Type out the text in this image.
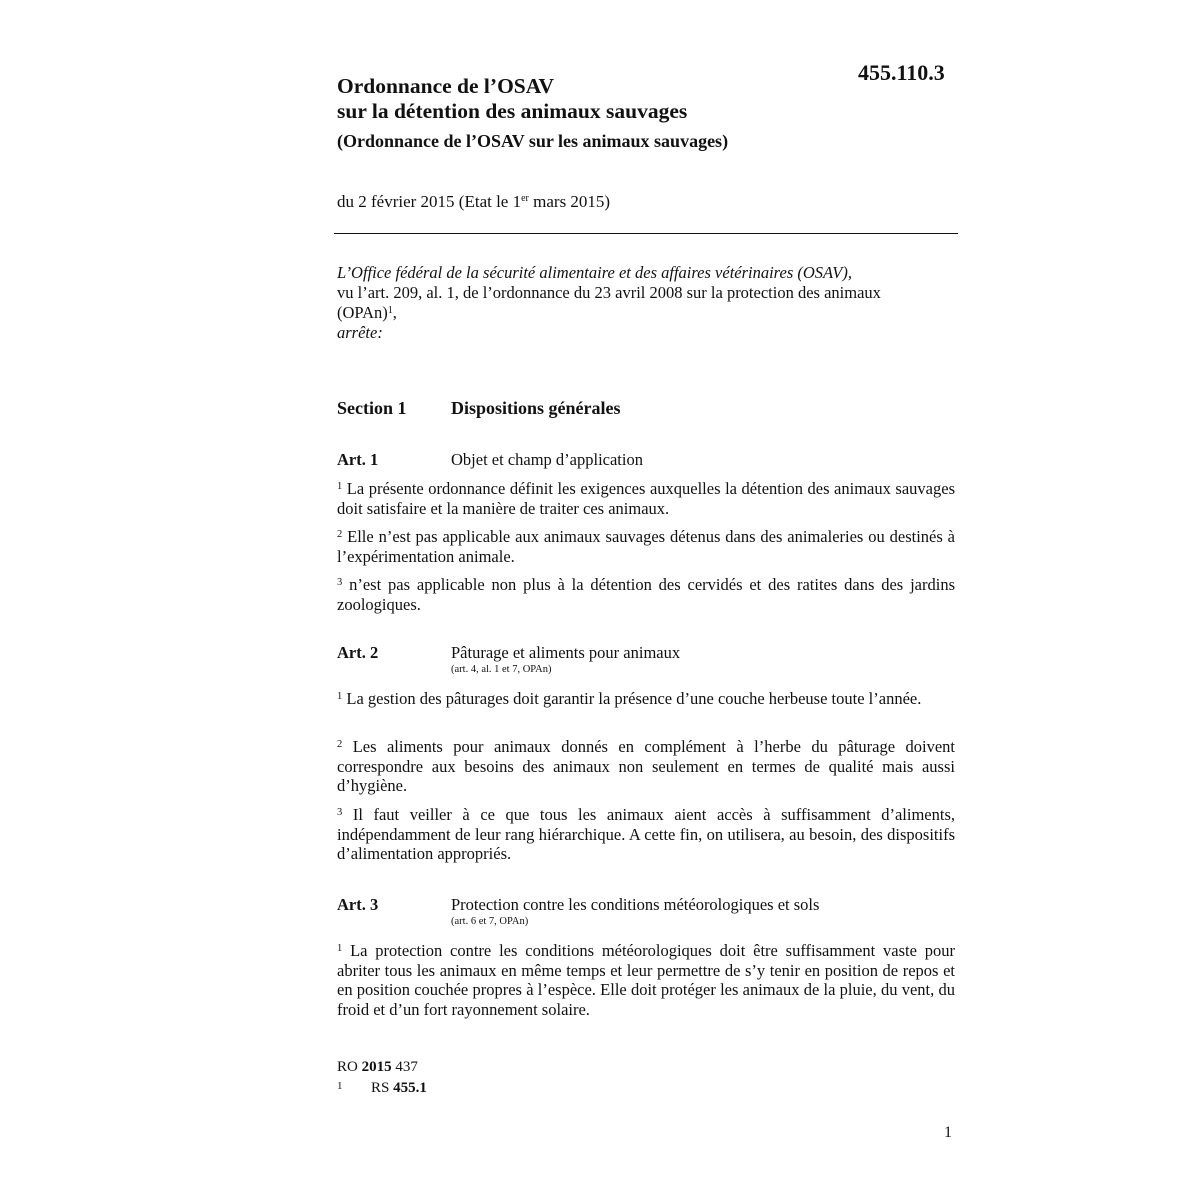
455.110.3
Ordonnance de l’OSAV
sur la détention des animaux sauvages
(Ordonnance de l’OSAV sur les animaux sauvages)
du 2 février 2015 (Etat le 1er mars 2015)
L’Office fédéral de la sécurité alimentaire et des affaires vétérinaires (OSAV),
vu l’art. 209, al. 1, de l’ordonnance du 23 avril 2008 sur la protection des animaux
(OPAn)$^1$,
arrête:
Section 1 Dispositions générales
Art. 1	Objet et champ d’application
$^1$ La présente ordonnance définit les exigences auxquelles la détention des animaux sauvages doit satisfaire et la manière de traiter ces animaux.
$^2$ Elle n’est pas applicable aux animaux sauvages détenus dans des animaleries ou destinés à l’expérimentation animale.
$^3$ n’est pas applicable non plus à la détention des cervidés et des ratites dans des jardins zoologiques.
Art. 2	Pâturage et aliments pour animaux
(art. 4, al. 1 et 7, OPAn)
$^1$ La gestion des pâturages doit garantir la présence d’une couche herbeuse toute l’année.
$^2$ Les aliments pour animaux donnés en complément à l’herbe du pâturage doivent correspondre aux besoins des animaux non seulement en termes de qualité mais aussi d’hygiène.
$^3$ Il faut veiller à ce que tous les animaux aient accès à suffisamment d’aliments, indépendamment de leur rang hiérarchique. A cette fin, on utilisera, au besoin, des dispositifs d’alimentation appropriés.
Art. 3	Protection contre les conditions météorologiques et sols
(art. 6 et 7, OPAn)
$^1$ La protection contre les conditions météorologiques doit être suffisamment vaste pour abriter tous les animaux en même temps et leur permettre de s’y tenir en position de repos et en position couchée propres à l’espèce. Elle doit protéger les animaux de la pluie, du vent, du froid et d’un fort rayonnement solaire.
RO 2015 437
1 RS 455.1
1
